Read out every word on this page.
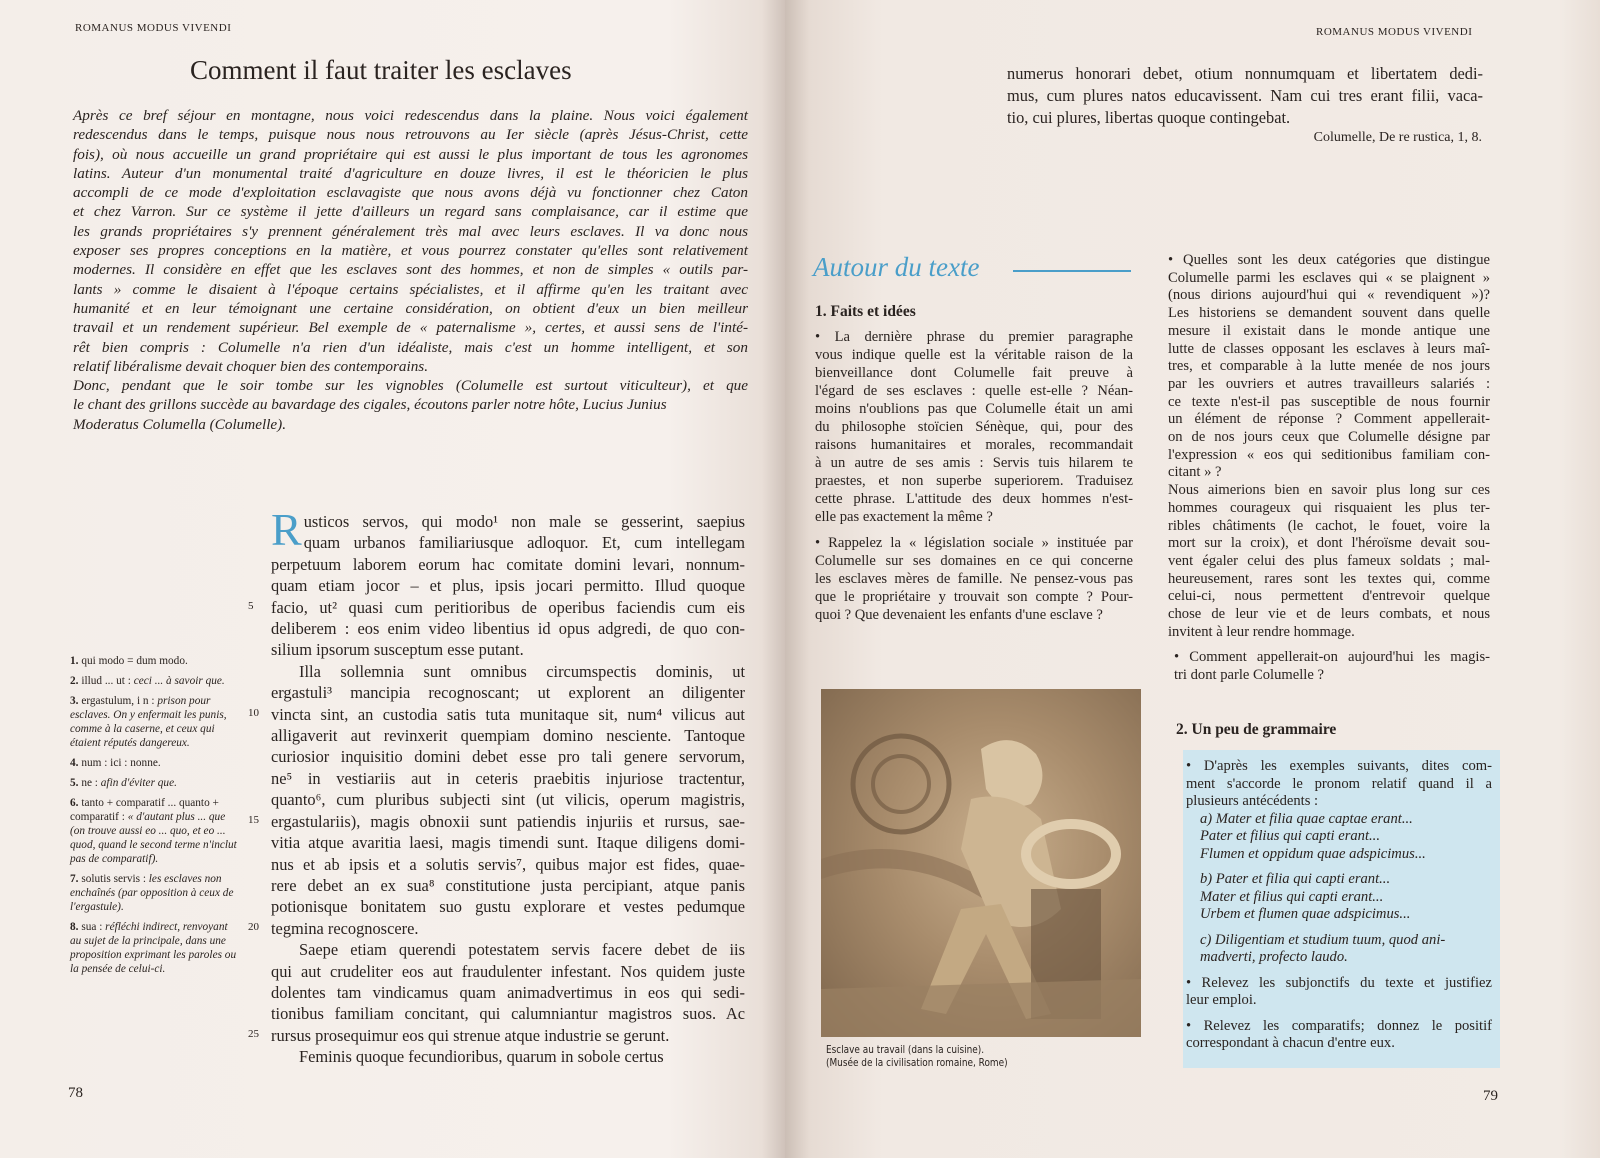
ROMANUS MODUS VIVENDI
Comment il faut traiter les esclaves
Après ce bref séjour en montagne, nous voici redescendus dans la plaine. Nous voici également
redescendus dans le temps, puisque nous nous retrouvons au Ier siècle (après Jésus-Christ, cette
fois), où nous accueille un grand propriétaire qui est aussi le plus important de tous les agronomes
latins. Auteur d'un monumental traité d'agriculture en douze livres, il est le théoricien le plus
accompli de ce mode d'exploitation esclavagiste que nous avons déjà vu fonctionner chez Caton
et chez Varron. Sur ce système il jette d'ailleurs un regard sans complaisance, car il estime que
les grands propriétaires s'y prennent généralement très mal avec leurs esclaves. Il va donc nous
exposer ses propres conceptions en la matière, et vous pourrez constater qu'elles sont relativement
modernes. Il considère en effet que les esclaves sont des hommes, et non de simples « outils par-
lants » comme le disaient à l'époque certains spécialistes, et il affirme qu'en les traitant avec
humanité et en leur témoignant une certaine considération, on obtient d'eux un bien meilleur
travail et un rendement supérieur. Bel exemple de « paternalisme », certes, et aussi sens de l'inté-
rêt bien compris : Columelle n'a rien d'un idéaliste, mais c'est un homme intelligent, et son
relatif libéralisme devait choquer bien des contemporains.
Donc, pendant que le soir tombe sur les vignobles (Columelle est surtout viticulteur), et que
le chant des grillons succède au bavardage des cigales, écoutons parler notre hôte, Lucius Junius
Moderatus Columella (Columelle).
R usticos servos, qui modo¹ non male se gesserint, saepius
quam urbanos familiariusque adloquor. Et, cum intellegam
perpetuum laborem eorum hac comitate domini levari, nonnum-
quam etiam jocor – et plus, ipsis jocari permitto. Illud quoque
facio, ut² quasi cum peritioribus de operibus faciendis cum eis
deliberem : eos enim video libentius id opus adgredi, de quo con-
silium ipsorum susceptum esse putant.
Illa sollemnia sunt omnibus circumspectis dominis, ut
ergastuli³ mancipia recognoscant; ut explorent an diligenter
vincta sint, an custodia satis tuta munitaque sit, num⁴ vilicus aut
alligaverit aut revinxerit quempiam domino nesciente. Tantoque
curiosior inquisitio domini debet esse pro tali genere servorum,
ne⁵ in vestiariis aut in ceteris praebitis injuriose tractentur,
quanto⁶, cum pluribus subjecti sint (ut vilicis, operum magistris,
ergastulariis), magis obnoxii sunt patiendis injuriis et rursus, sae-
vitia atque avaritia laesi, magis timendi sunt. Itaque diligens domi-
nus et ab ipsis et a solutis servis⁷, quibus major est fides, quae-
rere debet an ex sua⁸ constitutione justa percipiant, atque panis
potionisque bonitatem suo gustu explorare et vestes pedumque
tegmina recognoscere.
Saepe etiam querendi potestatem servis facere debet de iis
qui aut crudeliter eos aut fraudulenter infestant. Nos quidem juste
dolentes tam vindicamus quam animadvertimus in eos qui sedi-
tionibus familiam concitant, qui calumniantur magistros suos. Ac
rursus prosequimur eos qui strenue atque industrie se gerunt.
Feminis quoque fecundioribus, quarum in sobole certus
5
10
15
20
25
1. qui modo = dum modo.
2. illud ... ut : ceci ... à savoir que.
3. ergastulum, i n : prison pour esclaves. On y enfermait les punis, comme à la caserne, et ceux qui étaient réputés dangereux.
4. num : ici : nonne.
5. ne : afin d'éviter que.
6. tanto + comparatif ... quanto + comparatif : « d'autant plus ... que (on trouve aussi eo ... quo, et eo ... quod, quand le second terme n'inclut pas de comparatif).
7. solutis servis : les esclaves non enchaînés (par opposition à ceux de l'ergastule).
8. sua : réfléchi indirect, renvoyant au sujet de la principale, dans une proposition exprimant les paroles ou la pensée de celui-ci.
78
ROMANUS MODUS VIVENDI
numerus honorari debet, otium nonnumquam et libertatem dedi-
mus, cum plures natos educavissent. Nam cui tres erant filii, vaca-
tio, cui plures, libertas quoque contingebat.
Columelle, De re rustica, 1, 8.
Autour du texte
1. Faits et idées
• La dernière phrase du premier paragraphe
vous indique quelle est la véritable raison de la
bienveillance dont Columelle fait preuve à
l'égard de ses esclaves : quelle est-elle ? Néan-
moins n'oublions pas que Columelle était un ami
du philosophe stoïcien Sénèque, qui, pour des
raisons humanitaires et morales, recommandait
à un autre de ses amis : Servis tuis hilarem te
praestes, et non superbe superiorem. Traduisez
cette phrase. L'attitude des deux hommes n'est-
elle pas exactement la même ?
• Rappelez la « législation sociale » instituée par
Columelle sur ses domaines en ce qui concerne
les esclaves mères de famille. Ne pensez-vous pas
que le propriétaire y trouvait son compte ? Pour-
quoi ? Que devenaient les enfants d'une esclave ?
• Quelles sont les deux catégories que distingue
Columelle parmi les esclaves qui « se plaignent »
(nous dirions aujourd'hui qui « revendiquent »)?
Les historiens se demandent souvent dans quelle
mesure il existait dans le monde antique une
lutte de classes opposant les esclaves à leurs maî-
tres, et comparable à la lutte menée de nos jours
par les ouvriers et autres travailleurs salariés :
ce texte n'est-il pas susceptible de nous fournir
un élément de réponse ? Comment appellerait-
on de nos jours ceux que Columelle désigne par
l'expression « eos qui seditionibus familiam con-
citant » ?
Nous aimerions bien en savoir plus long sur ces
hommes courageux qui risquaient les plus ter-
ribles châtiments (le cachot, le fouet, voire la
mort sur la croix), et dont l'héroïsme devait sou-
vent égaler celui des plus fameux soldats ; mal-
heureusement, rares sont les textes qui, comme
celui-ci, nous permettent d'entrevoir quelque
chose de leur vie et de leurs combats, et nous
invitent à leur rendre hommage.
• Comment appellerait-on aujourd'hui les magis-
tri dont parle Columelle ?
2. Un peu de grammaire
• D'après les exemples suivants, dites com-
ment s'accorde le pronom relatif quand il a
plusieurs antécédents :
a) Mater et filia quae captae erant...
Pater et filius qui capti erant...
Flumen et oppidum quae adspicimus...
b) Pater et filia qui capti erant...
Mater et filius qui capti erant...
Urbem et flumen quae adspicimus...
c) Diligentiam et studium tuum, quod ani-
madverti, profecto laudo.
• Relevez les subjonctifs du texte et justifiez
leur emploi.
• Relevez les comparatifs; donnez le positif
correspondant à chacun d'entre eux.
Esclave au travail (dans la cuisine).
(Musée de la civilisation romaine, Rome)
79
